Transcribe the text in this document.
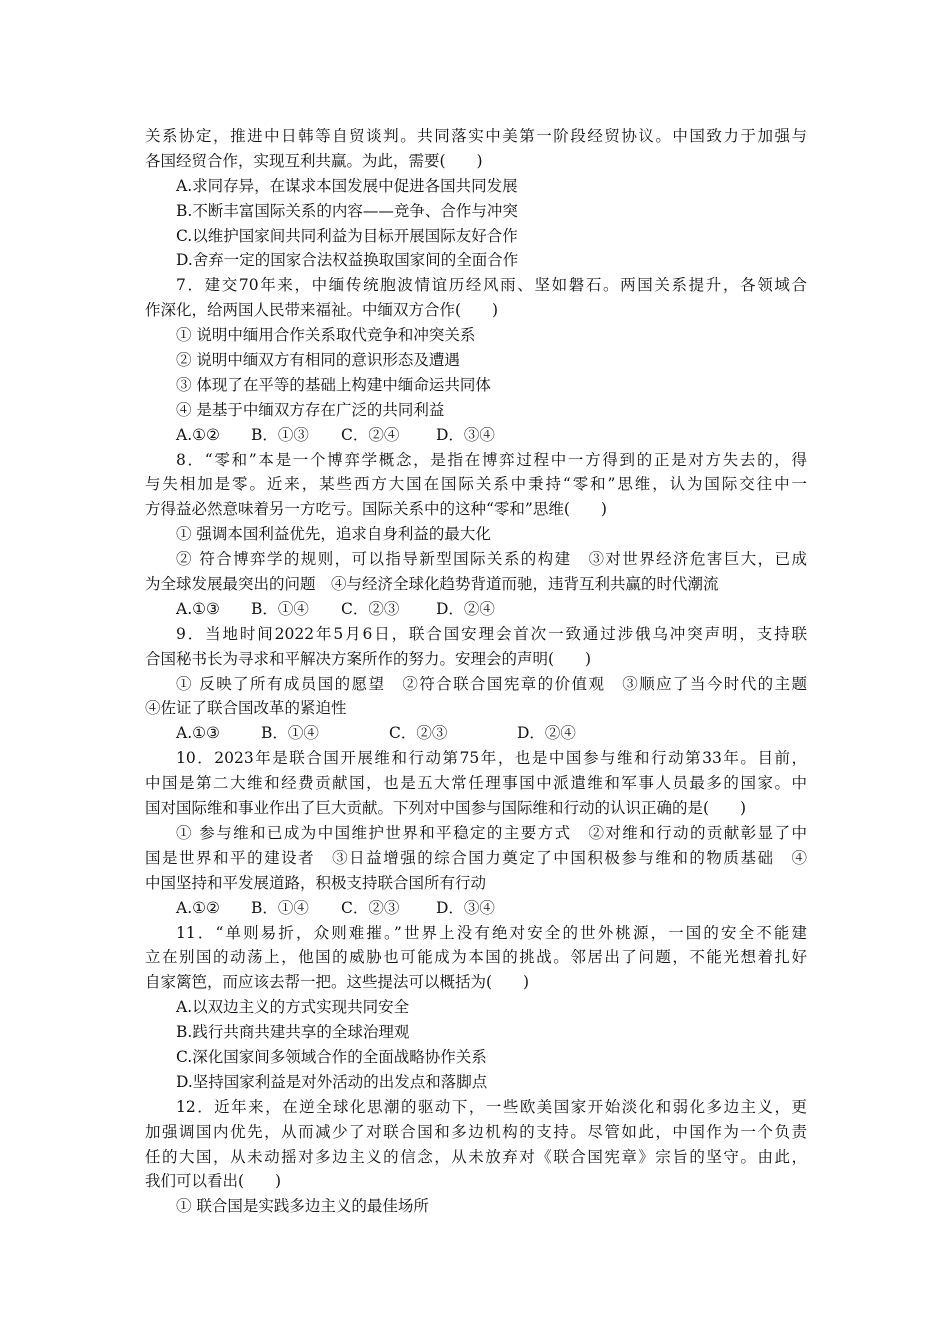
关系协定，推进中日韩等自贸谈判。共同落实中美第一阶段经贸协议。中国致力于加强与
各国经贸合作，实现互利共赢。为此，需要(　　)
A.求同存异，在谋求本国发展中促进各国共同发展
B.不断丰富国际关系的内容——竞争、合作与冲突
C.以维护国家间共同利益为目标开展国际友好合作
D.舍弃一定的国家合法权益换取国家间的全面合作
7．建交70年来，中缅传统胞波情谊历经风雨、坚如磐石。两国关系提升，各领域合
作深化，给两国人民带来福祉。中缅双方合作(　　)
① 说明中缅用合作关系取代竞争和冲突关系
② 说明中缅双方有相同的意识形态及遭遇
③ 体现了在平等的基础上构建中缅命运共同体
④ 是基于中缅双方存在广泛的共同利益
A.①② B．①③ C．②④ D．③④
8．“零和”本是一个博弈学概念，是指在博弈过程中一方得到的正是对方失去的，得
与失相加是零。近来，某些西方大国在国际关系中秉持“零和”思维，认为国际交往中一
方得益必然意味着另一方吃亏。国际关系中的这种“零和”思维(　　)
① 强调本国利益优先，追求自身利益的最大化
② 符合博弈学的规则，可以指导新型国际关系的构建　③对世界经济危害巨大，已成
为全球发展最突出的问题　④与经济全球化趋势背道而驰，违背互利共赢的时代潮流
A.①③ B．①④ C．②③ D．②④
9．当地时间2022年5月6日，联合国安理会首次一致通过涉俄乌冲突声明，支持联
合国秘书长为寻求和平解决方案所作的努力。安理会的声明(　　)
① 反映了所有成员国的愿望　②符合联合国宪章的价值观　③顺应了当今时代的主题
④佐证了联合国改革的紧迫性
A.①③	B．①④	C．②③	D．②④
10．2023年是联合国开展维和行动第75年，也是中国参与维和行动第33年。目前，
中国是第二大维和经费贡献国，也是五大常任理事国中派遣维和军事人员最多的国家。中
国对国际维和事业作出了巨大贡献。下列对中国参与国际维和行动的认识正确的是(　　)
① 参与维和已成为中国维护世界和平稳定的主要方式　②对维和行动的贡献彰显了中
国是世界和平的建设者　③日益增强的综合国力奠定了中国积极参与维和的物质基础　④
中国坚持和平发展道路，积极支持联合国所有行动
A.①② B．①④ C．②③ D．③④
11．“单则易折，众则难摧。”世界上没有绝对安全的世外桃源，一国的安全不能建
立在别国的动荡上，他国的威胁也可能成为本国的挑战。邻居出了问题，不能光想着扎好
自家篱笆，而应该去帮一把。这些提法可以概括为(　　)
A.以双边主义的方式实现共同安全
B.践行共商共建共享的全球治理观
C.深化国家间多领域合作的全面战略协作关系
D.坚持国家利益是对外活动的出发点和落脚点
12．近年来，在逆全球化思潮的驱动下，一些欧美国家开始淡化和弱化多边主义，更
加强调国内优先，从而减少了对联合国和多边机构的支持。尽管如此，中国作为一个负责
任的大国，从未动摇对多边主义的信念，从未放弃对《联合国宪章》宗旨的坚守。由此，
我们可以看出(　　)
① 联合国是实践多边主义的最佳场所
